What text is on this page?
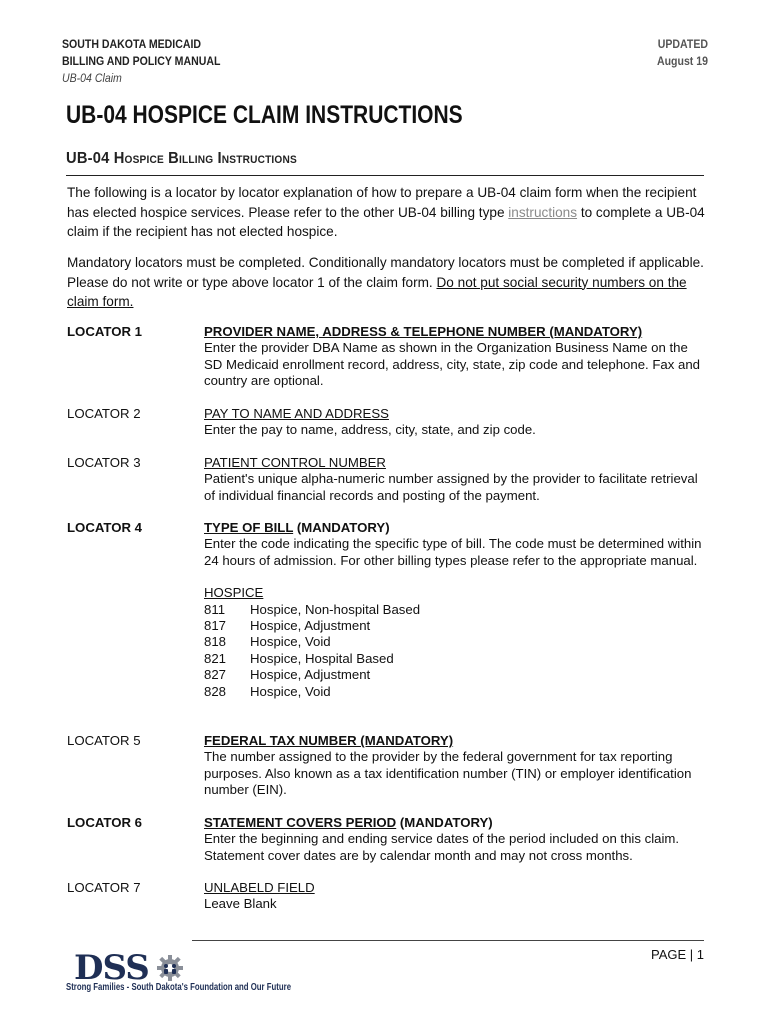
SOUTH DAKOTA MEDICAID
BILLING AND POLICY MANUAL
UB-04 Claim
UPDATED
August 19
UB-04 HOSPICE CLAIM INSTRUCTIONS
UB-04 Hospice Billing Instructions
The following is a locator by locator explanation of how to prepare a UB-04 claim form when the recipient has elected hospice services. Please refer to the other UB-04 billing type instructions to complete a UB-04 claim if the recipient has not elected hospice.
Mandatory locators must be completed. Conditionally mandatory locators must be completed if applicable. Please do not write or type above locator 1 of the claim form. Do not put social security numbers on the claim form.
LOCATOR 1	PROVIDER NAME, ADDRESS & TELEPHONE NUMBER (MANDATORY)
Enter the provider DBA Name as shown in the Organization Business Name on the SD Medicaid enrollment record, address, city, state, zip code and telephone. Fax and country are optional.
LOCATOR 2	PAY TO NAME AND ADDRESS
Enter the pay to name, address, city, state, and zip code.
LOCATOR 3	PATIENT CONTROL NUMBER
Patient's unique alpha-numeric number assigned by the provider to facilitate retrieval of individual financial records and posting of the payment.
LOCATOR 4	TYPE OF BILL (MANDATORY)
Enter the code indicating the specific type of bill. The code must be determined within 24 hours of admission. For other billing types please refer to the appropriate manual.
HOSPICE
811	Hospice, Non-hospital Based
817	Hospice, Adjustment
818	Hospice, Void
821	Hospice, Hospital Based
827	Hospice, Adjustment
828	Hospice, Void
LOCATOR 5	FEDERAL TAX NUMBER (MANDATORY)
The number assigned to the provider by the federal government for tax reporting purposes. Also known as a tax identification number (TIN) or employer identification number (EIN).
LOCATOR 6	STATEMENT COVERS PERIOD (MANDATORY)
Enter the beginning and ending service dates of the period included on this claim. Statement cover dates are by calendar month and may not cross months.
LOCATOR 7	UNLABELD FIELD
Leave Blank
PAGE | 1
DSS
Strong Families - South Dakota's Foundation and Our Future
